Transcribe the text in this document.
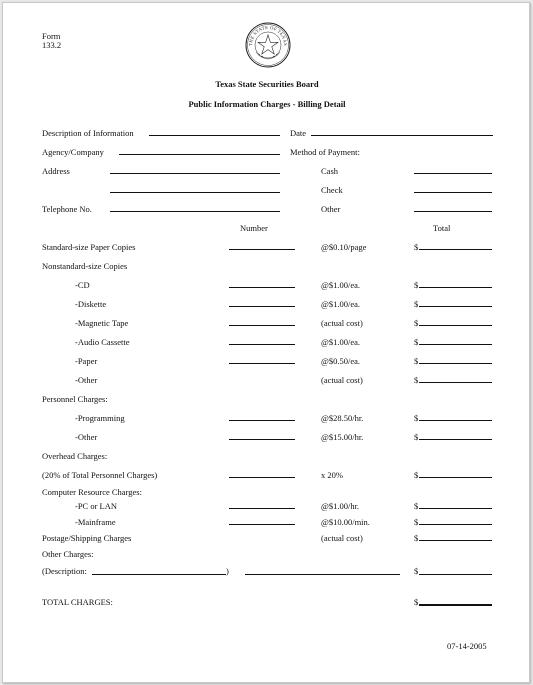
Form
133.2	THE STATE OF TEXAS
Texas State Securities Board
Public Information Charges - Billing Detail
Description of Information	Date
Agency/Company	Method of Payment:
Address
Telephone No.
Cash
Check
Other
Number	Total
Standard-size Paper Copies	@$0.10/page	$
Nonstandard-size Copies
-CD	@$1.00/ea.	$
-Diskette	@$1.00/ea.	$
-Magnetic Tape	(actual cost)	$
-Audio Cassette	@$1.00/ea.	$
-Paper	@$0.50/ea.	$
-Other	(actual cost)	$
Personnel Charges:
-Programming	@$28.50/hr.	$
-Other	@$15.00/hr.	$
Overhead Charges:
(20% of Total Personnel Charges)	x 20%	$
Computer Resource Charges:
-PC or LAN	@$1.00/hr.	$
-Mainframe	@$10.00/min.	$
Postage/Shipping Charges	(actual cost)	$
Other Charges:
(Description:	)	$
TOTAL CHARGES:	$
07-14-2005
